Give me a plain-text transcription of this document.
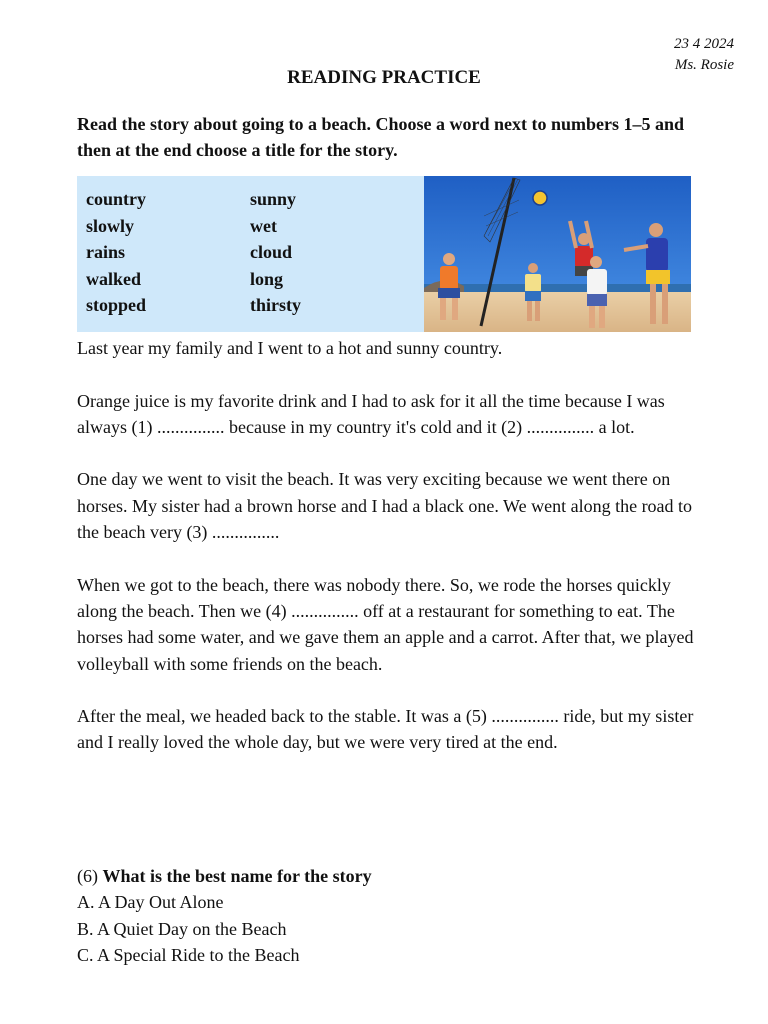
23 4 2024
Ms. Rosie
READING PRACTICE
Read the story about going to a beach. Choose a word next to numbers 1–5 and then at the end choose a title for the story.
country
slowly
rains
walked
stopped
sunny
wet
cloud
long
thirsty

Last year my family and I went to a hot and sunny country.

Orange juice is my favorite drink and I had to ask for it all the time because I was always (1) ............... because in my country it's cold and it (2) ............... a lot.

One day we went to visit the beach. It was very exciting because we went there on horses. My sister had a brown horse and I had a black one. We went along the road to the beach very (3) ...............

When we got to the beach, there was nobody there. So, we rode the horses quickly along the beach. Then we (4) ............... off at a restaurant for something to eat. The horses had some water, and we gave them an apple and a carrot. After that, we played volleyball with some friends on the beach.

After the meal, we headed back to the stable. It was a (5) ............... ride, but my sister and I really loved the whole day, but we were very tired at the end.

(6) What is the best name for the story
A. A Day Out Alone
B. A Quiet Day on the Beach
C. A Special Ride to the Beach
